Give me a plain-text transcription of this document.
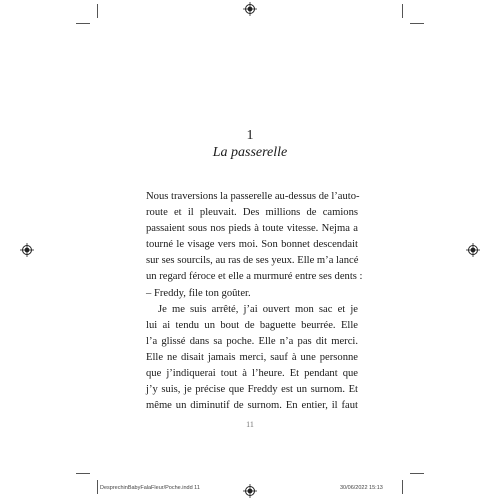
1
La passerelle
Nous traversions la passerelle au-dessus de l’auto-
route et il pleuvait. Des millions de camions
passaient sous nos pieds à toute vitesse. Nejma a
tourné le visage vers moi. Son bonnet descendait
sur ses sourcils, au ras de ses yeux. Elle m’a lancé
un regard féroce et elle a murmuré entre ses dents :
– Freddy, file ton goûter.
Je me suis arrêté, j’ai ouvert mon sac et je
lui ai tendu un bout de baguette beurrée. Elle
l’a glissé dans sa poche. Elle n’a pas dit merci.
Elle ne disait jamais merci, sauf à une personne
que j’indiquerai tout à l’heure. Et pendant que
j’y suis, je précise que Freddy est un surnom. Et
même un diminutif de surnom. En entier, il faut
11
DesprechinBabyFalaFleur/Poche.indd 11	30/06/2022 15:13
